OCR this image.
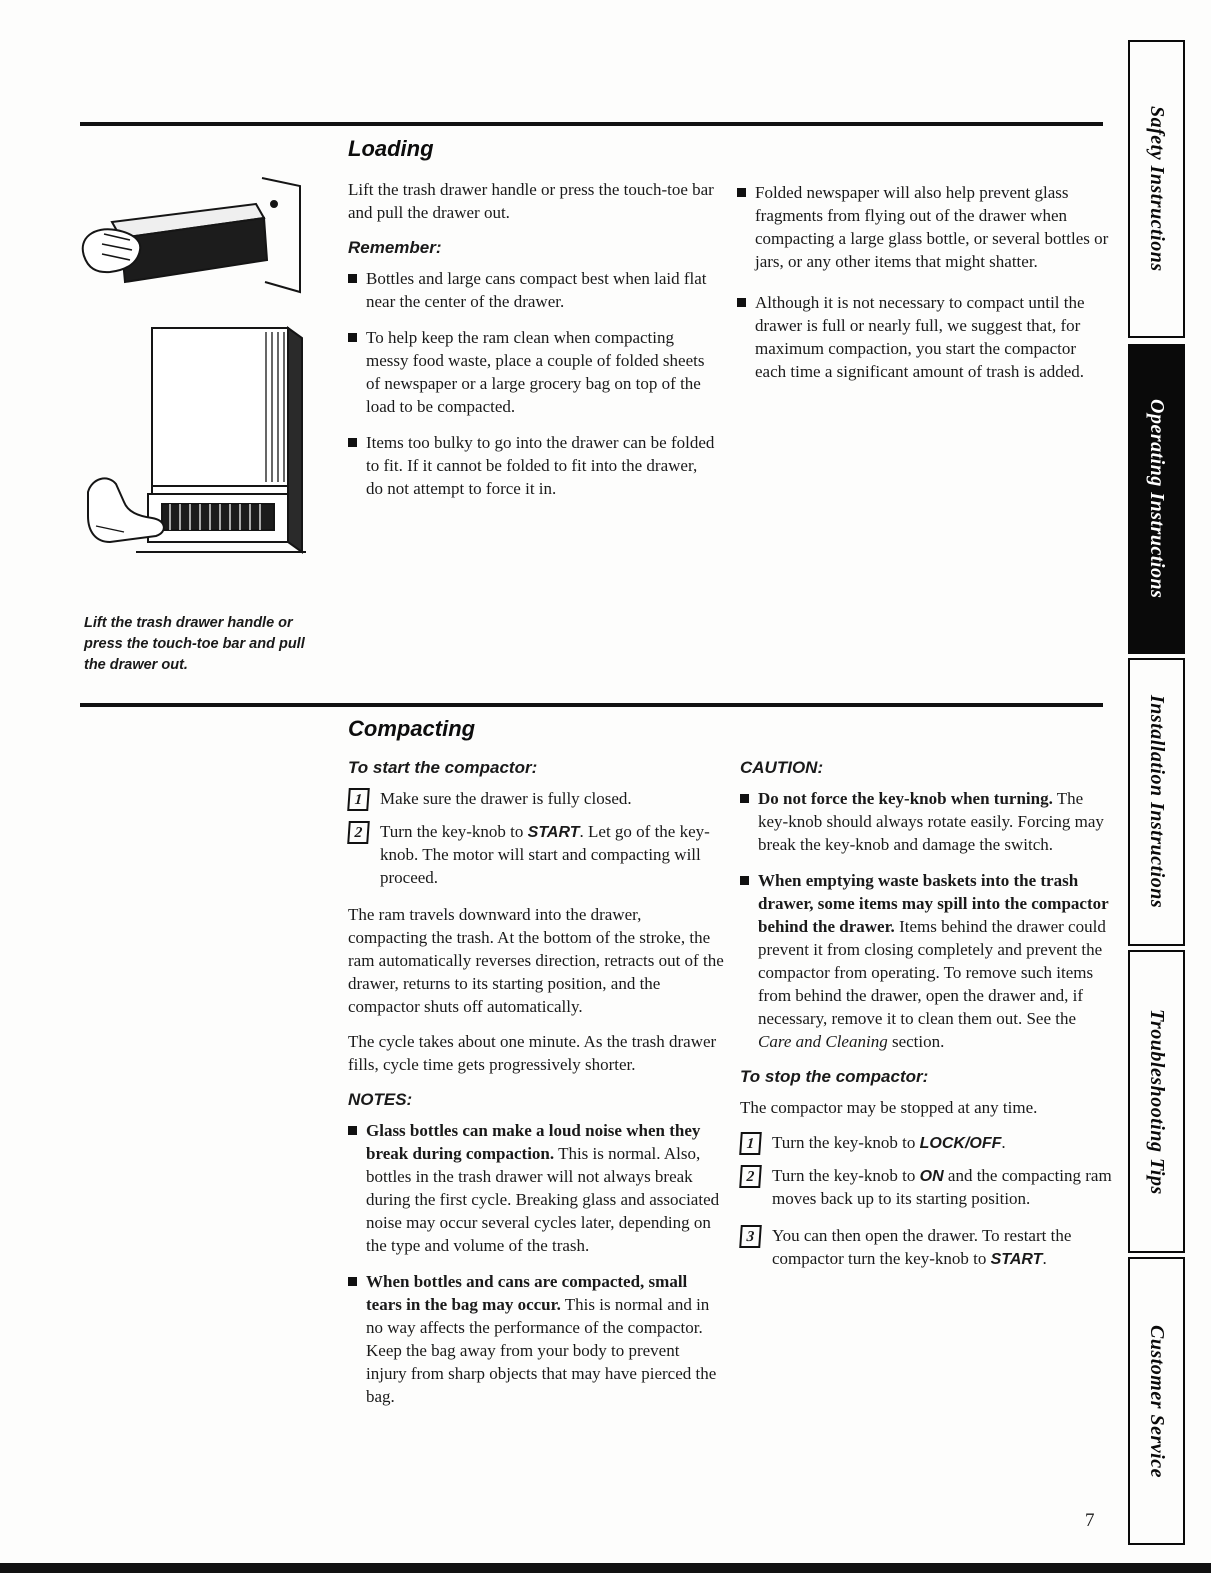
Safety Instructions
Operating Instructions
Installation Instructions
Troubleshooting Tips
Customer Service

Lift the trash drawer handle or press the touch-toe bar and pull the drawer out.

Loading

Lift the trash drawer handle or press the touch-toe bar and pull the drawer out.

Remember:
Bottles and large cans compact best when laid flat near the center of the drawer.
To help keep the ram clean when compacting messy food waste, place a couple of folded sheets of newspaper or a large grocery bag on top of the load to be compacted.
Items too bulky to go into the drawer can be folded to fit. If it cannot be folded to fit into the drawer, do not attempt to force it in.
Folded newspaper will also help prevent glass fragments from flying out of the drawer when compacting a large glass bottle, or several bottles or jars, or any other items that might shatter.
Although it is not necessary to compact until the drawer is full or nearly full, we suggest that, for maximum compaction, you start the compactor each time a significant amount of trash is added.
Compacting
To start the compactor:
1	Make sure the drawer is fully closed.
2	Turn the key-knob to START. Let go of the key-knob. The motor will start and compacting will proceed.

The ram travels downward into the drawer, compacting the trash. At the bottom of the stroke, the ram automatically reverses direction, retracts out of the drawer, returns to its starting position, and the compactor shuts off automatically.

The cycle takes about one minute. As the trash drawer fills, cycle time gets progressively shorter.

NOTES:
Glass bottles can make a loud noise when they break during compaction. This is normal. Also, bottles in the trash drawer will not always break during the first cycle. Breaking glass and associated noise may occur several cycles later, depending on the type and volume of the trash.
When bottles and cans are compacted, small tears in the bag may occur. This is normal and in no way affects the performance of the compactor. Keep the bag away from your body to prevent injury from sharp objects that may have pierced the bag.
CAUTION:
Do not force the key-knob when turning. The key-knob should always rotate easily. Forcing may break the key-knob and damage the switch.
When emptying waste baskets into the trash drawer, some items may spill into the compactor behind the drawer. Items behind the drawer could prevent it from closing completely and prevent the compactor from operating. To remove such items from behind the drawer, open the drawer and, if necessary, remove it to clean them out. See the Care and Cleaning section.
To stop the compactor:

The compactor may be stopped at any time.

1	Turn the key-knob to LOCK/OFF.
2	Turn the key-knob to ON and the compacting ram moves back up to its starting position.
3	You can then open the drawer. To restart the compactor turn the key-knob to START.
7
